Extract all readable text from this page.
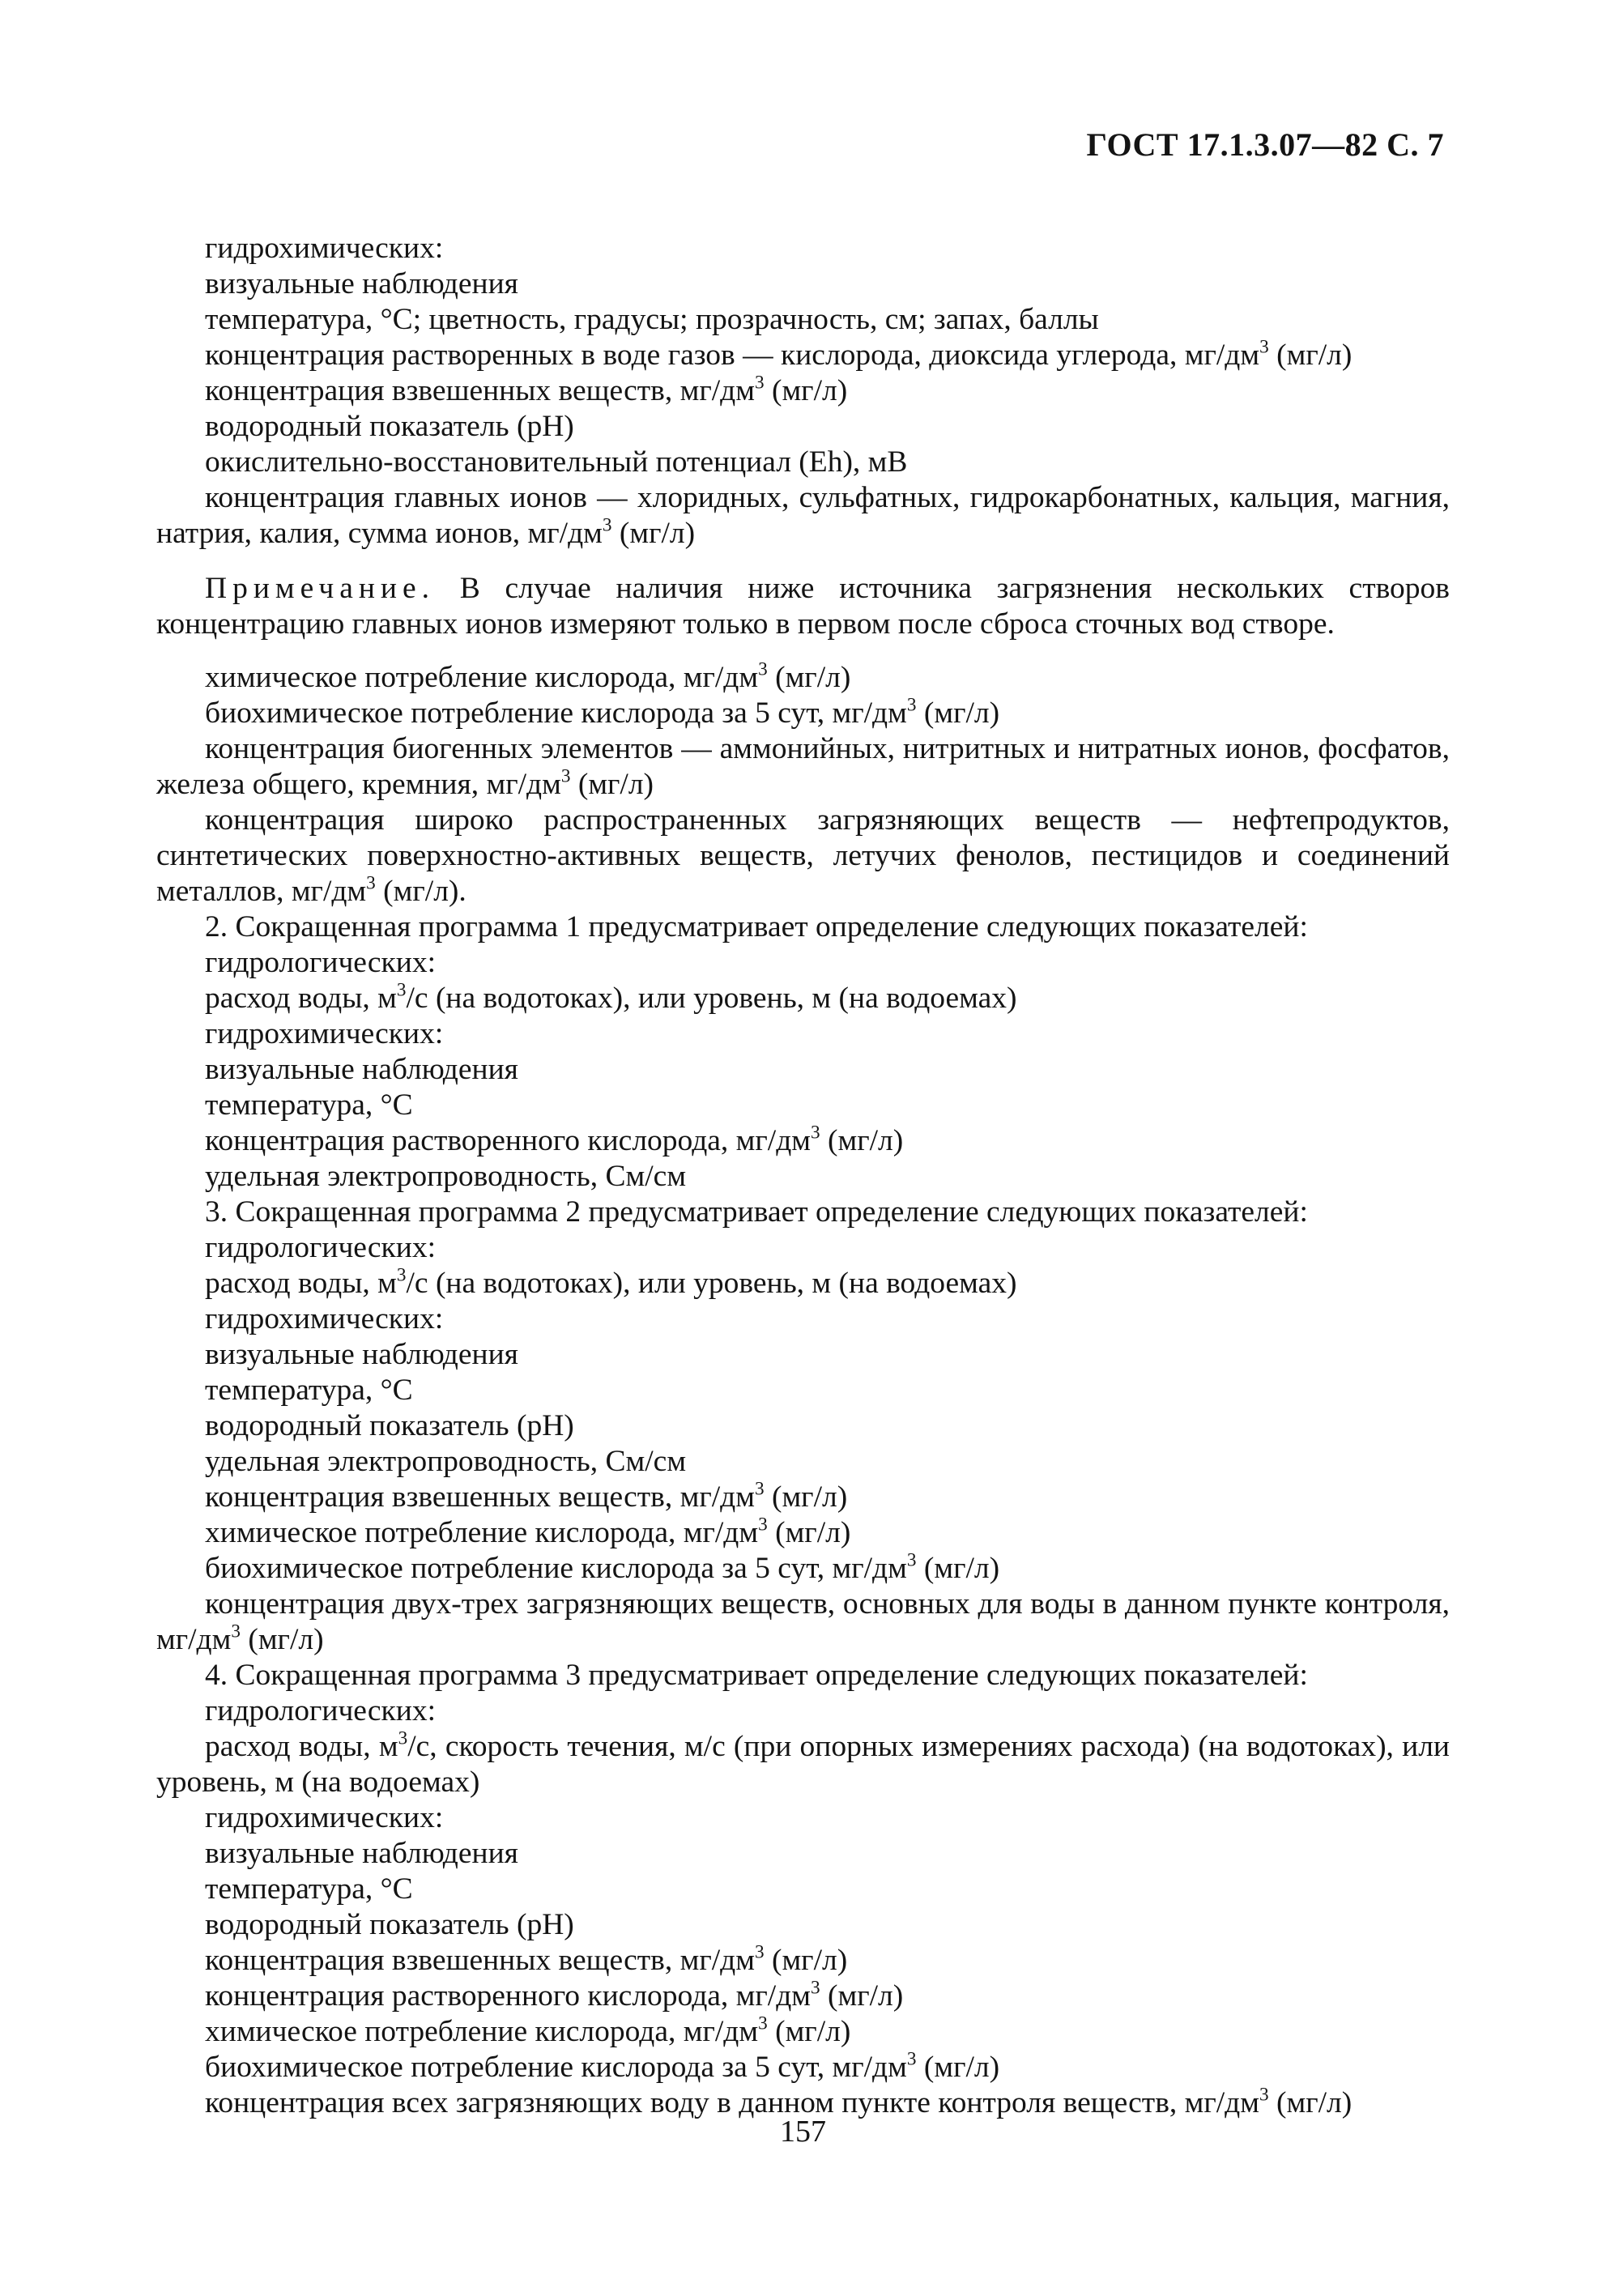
ГОСТ 17.1.3.07—82 С. 7

гидрохимических:

визуальные наблюдения

температура, °С; цветность, градусы; прозрачность, см; запах, баллы

концентрация растворенных в воде газов — кислорода, диоксида углерода, $мг/дм^3$ (мг/л)

концентрация взвешенных веществ, $мг/дм^3$ (мг/л)

водородный показатель (pH)

окислительно-восстановительный потенциал (Eh), мВ

концентрация главных ионов — хлоридных, сульфатных, гидрокарбонатных, кальция, магния, натрия, калия, сумма ионов, $мг/дм^3$ (мг/л)

Примечание. В случае наличия ниже источника загрязнения нескольких створов концентрацию главных ионов измеряют только в первом после сброса сточных вод створе.

химическое потребление кислорода, $мг/дм^3$ (мг/л)

биохимическое потребление кислорода за 5 сут, $мг/дм^3$ (мг/л)

концентрация биогенных элементов — аммонийных, нитритных и нитратных ионов, фосфатов, железа общего, кремния, $мг/дм^3$ (мг/л)

концентрация широко распространенных загрязняющих веществ — нефтепродуктов, синтетических поверхностно-активных веществ, летучих фенолов, пестицидов и соединений металлов, $мг/дм^3$ (мг/л).

2. Сокращенная программа 1 предусматривает определение следующих показателей:

гидрологических:

расход воды, $м^3/с$ (на водотоках), или уровень, м (на водоемах)

гидрохимических:

визуальные наблюдения

температура, °С

концентрация растворенного кислорода, $мг/дм^3$ (мг/л)

удельная электропроводность, См/см

3. Сокращенная программа 2 предусматривает определение следующих показателей:

гидрологических:

расход воды, $м^3/с$ (на водотоках), или уровень, м (на водоемах)

гидрохимических:

визуальные наблюдения

температура, °С

водородный показатель (pH)

удельная электропроводность, См/см

концентрация взвешенных веществ, $мг/дм^3$ (мг/л)

химическое потребление кислорода, $мг/дм^3$ (мг/л)

биохимическое потребление кислорода за 5 сут, $мг/дм^3$ (мг/л)

концентрация двух-трех загрязняющих веществ, основных для воды в данном пункте контроля, $мг/дм^3$ (мг/л)

4. Сокращенная программа 3 предусматривает определение следующих показателей:

гидрологических:

расход воды, $м^3/с$, скорость течения, м/с (при опорных измерениях расхода) (на водотоках), или уровень, м (на водоемах)

гидрохимических:

визуальные наблюдения

температура, °С

водородный показатель (pH)

концентрация взвешенных веществ, $мг/дм^3$ (мг/л)

концентрация растворенного кислорода, $мг/дм^3$ (мг/л)

химическое потребление кислорода, $мг/дм^3$ (мг/л)

биохимическое потребление кислорода за 5 сут, $мг/дм^3$ (мг/л)

концентрация всех загрязняющих воду в данном пункте контроля веществ, $мг/дм^3$ (мг/л)

157
